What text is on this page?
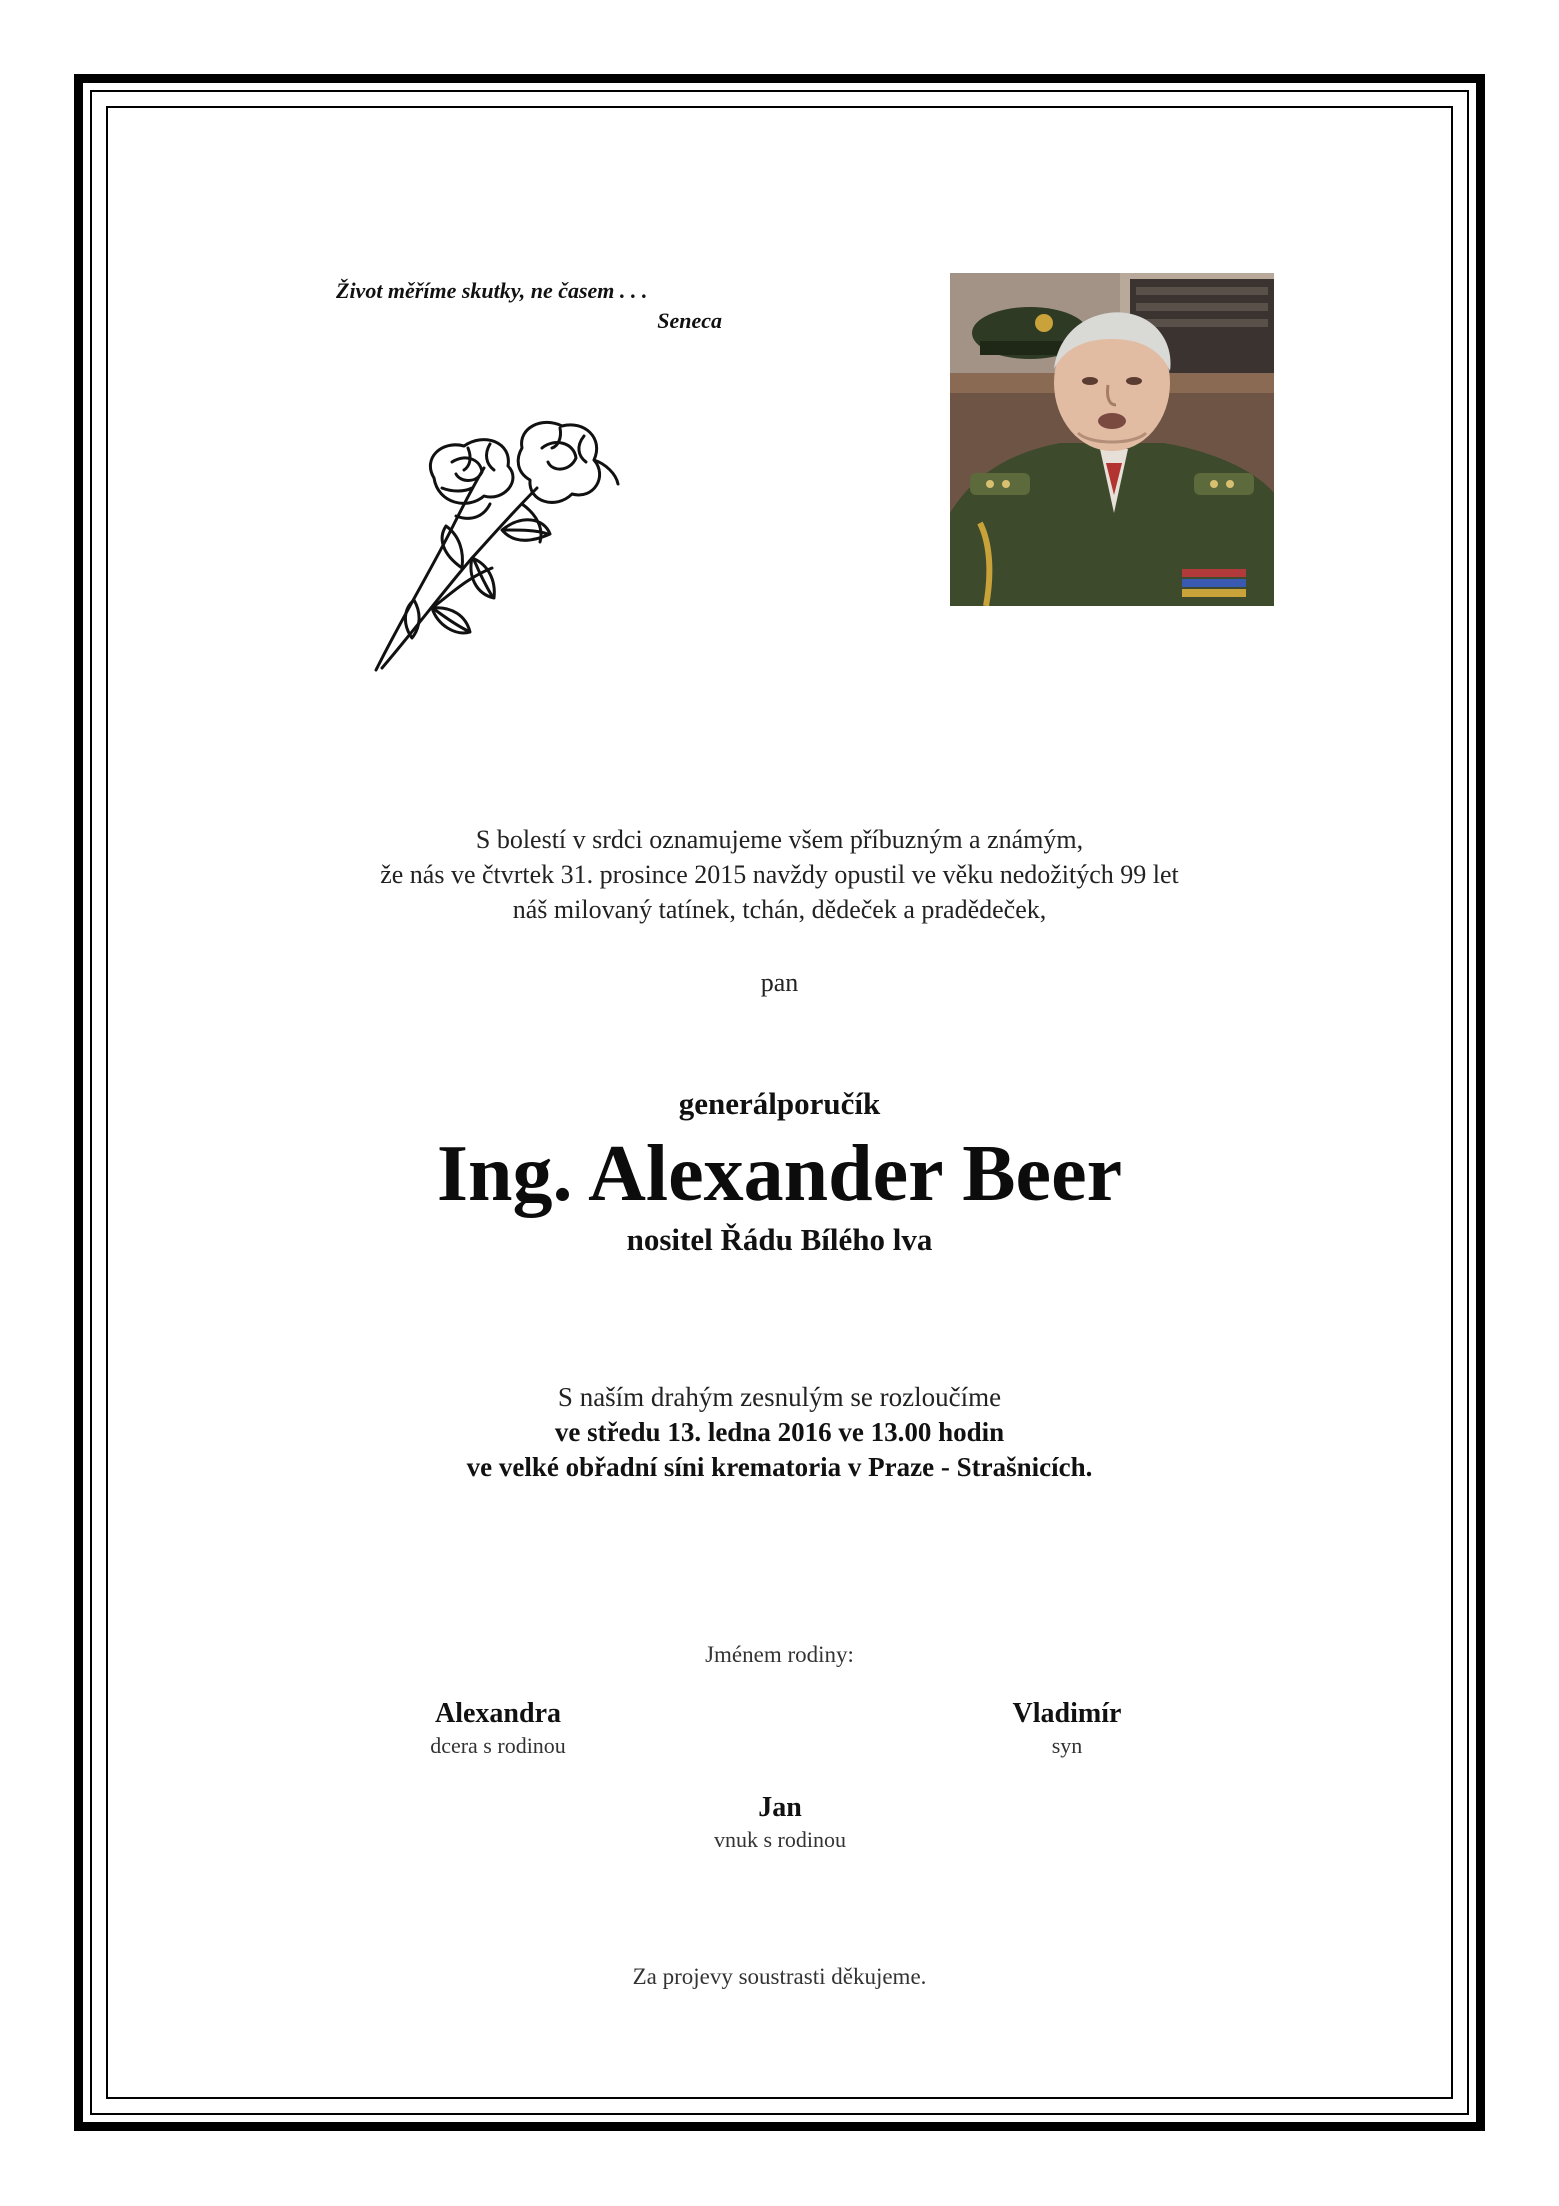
Život měříme skutky, ne časem . . .
Seneca
S bolestí v srdci oznamujeme všem příbuzným a známým,
že nás ve čtvrtek 31. prosince 2015 navždy opustil ve věku nedožitých 99 let
náš milovaný tatínek, tchán, dědeček a pradědeček,
pan
generálporučík
Ing. Alexander Beer
nositel Řádu Bílého lva
S naším drahým zesnulým se rozloučíme
ve středu 13. ledna 2016 ve 13.00 hodin
ve velké obřadní síni krematoria v Praze - Strašnicích.
Jménem rodiny:
Alexandra
dcera s rodinou
Vladimír
syn
Jan
vnuk s rodinou
Za projevy soustrasti děkujeme.
